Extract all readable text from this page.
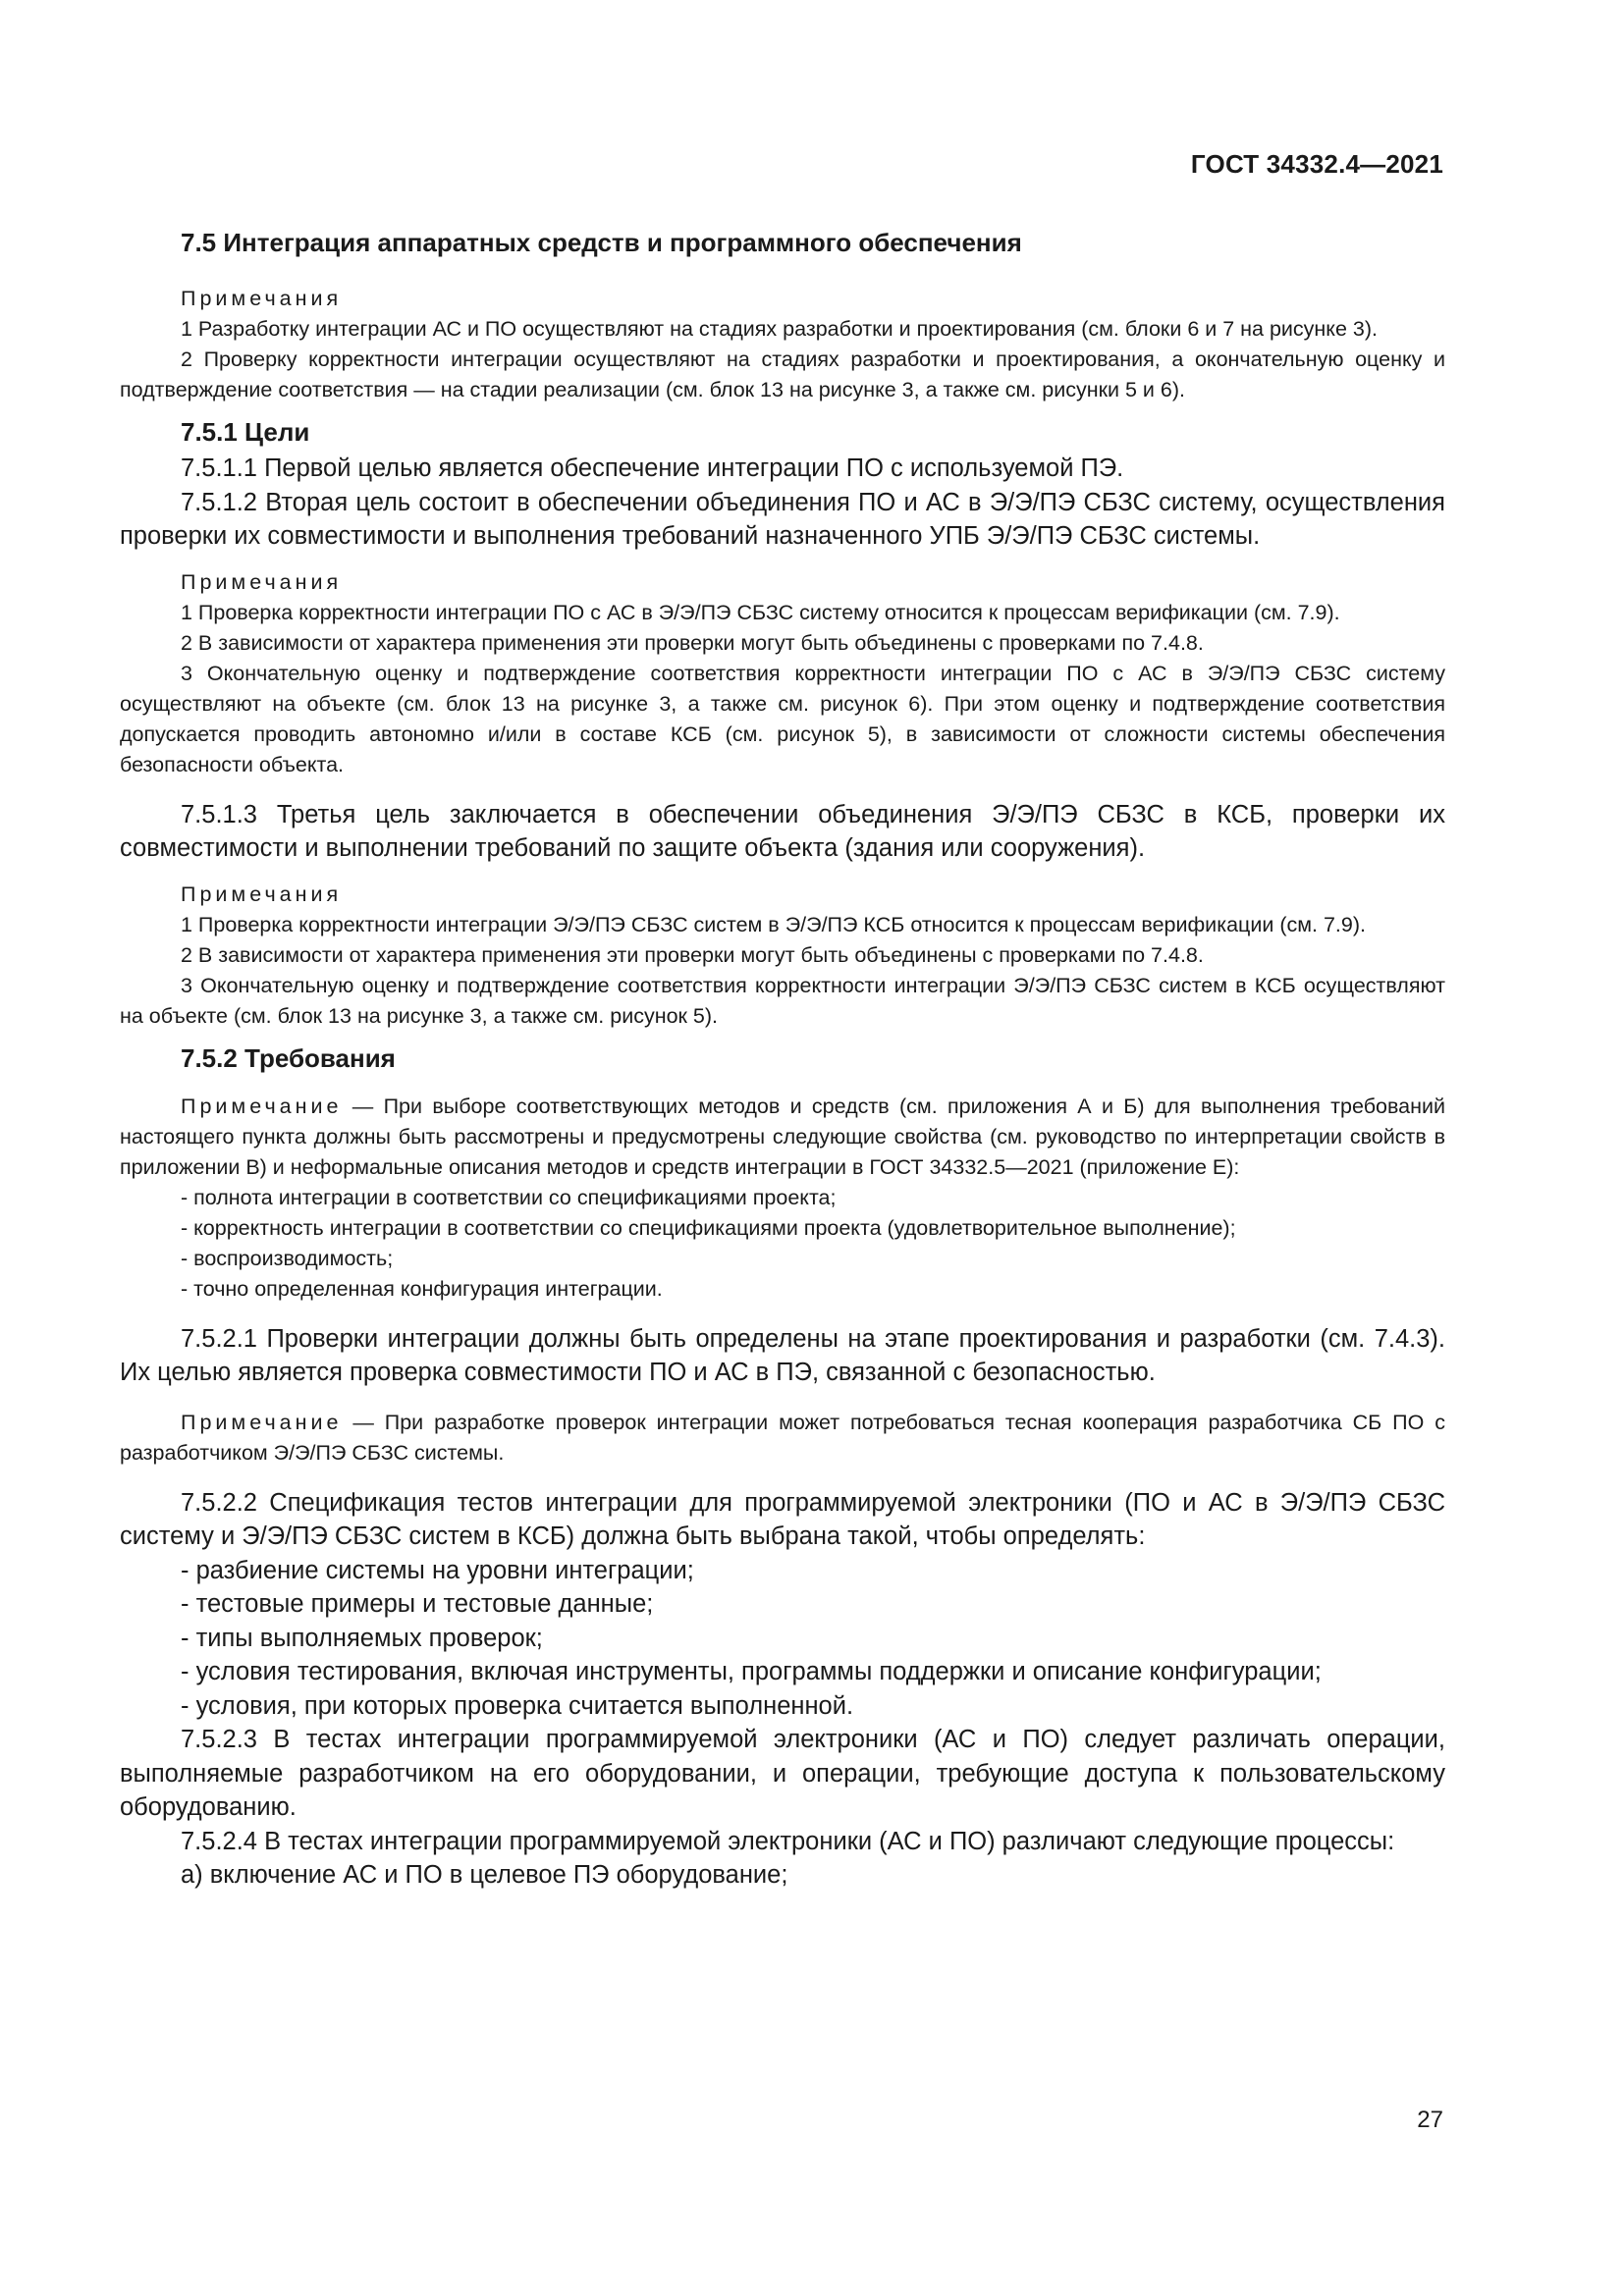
ГОСТ 34332.4—2021
7.5 Интеграция аппаратных средств и программного обеспечения
Примечания

1 Разработку интеграции АС и ПО осуществляют на стадиях разработки и проектирования (см. блоки 6 и 7 на рисунке 3).

2 Проверку корректности интеграции осуществляют на стадиях разработки и проектирования, а окончательную оценку и подтверждение соответствия — на стадии реализации (см. блок 13 на рисунке 3, а также см. рисунки 5 и 6).

7.5.1 Цели

7.5.1.1 Первой целью является обеспечение интеграции ПО с используемой ПЭ.

7.5.1.2 Вторая цель состоит в обеспечении объединения ПО и АС в Э/Э/ПЭ СБЗС систему, осуществления проверки их совместимости и выполнения требований назначенного УПБ Э/Э/ПЭ СБЗС системы.

Примечания

1 Проверка корректности интеграции ПО с АС в Э/Э/ПЭ СБЗС систему относится к процессам верификации (см. 7.9).

2 В зависимости от характера применения эти проверки могут быть объединены с проверками по 7.4.8.

3 Окончательную оценку и подтверждение соответствия корректности интеграции ПО с АС в Э/Э/ПЭ СБЗС систему осуществляют на объекте (см. блок 13 на рисунке 3, а также см. рисунок 6). При этом оценку и подтверждение соответствия допускается проводить автономно и/или в составе КСБ (см. рисунок 5), в зависимости от сложности системы обеспечения безопасности объекта.

7.5.1.3 Третья цель заключается в обеспечении объединения Э/Э/ПЭ СБЗС в КСБ, проверки их совместимости и выполнении требований по защите объекта (здания или сооружения).

Примечания

1 Проверка корректности интеграции Э/Э/ПЭ СБЗС систем в Э/Э/ПЭ КСБ относится к процессам верификации (см. 7.9).

2 В зависимости от характера применения эти проверки могут быть объединены с проверками по 7.4.8.

3 Окончательную оценку и подтверждение соответствия корректности интеграции Э/Э/ПЭ СБЗС систем в КСБ осуществляют на объекте (см. блок 13 на рисунке 3, а также см. рисунок 5).

7.5.2 Требования

Примечание — При выборе соответствующих методов и средств (см. приложения А и Б) для выполнения требований настоящего пункта должны быть рассмотрены и предусмотрены следующие свойства (см. руководство по интерпретации свойств в приложении В) и неформальные описания методов и средств интеграции в ГОСТ 34332.5—2021 (приложение Е):

- полнота интеграции в соответствии со спецификациями проекта;

- корректность интеграции в соответствии со спецификациями проекта (удовлетворительное выполнение);

- воспроизводимость;

- точно определенная конфигурация интеграции.

7.5.2.1 Проверки интеграции должны быть определены на этапе проектирования и разработки (см. 7.4.3). Их целью является проверка совместимости ПО и АС в ПЭ, связанной с безопасностью.

Примечание — При разработке проверок интеграции может потребоваться тесная кооперация разработчика СБ ПО с разработчиком Э/Э/ПЭ СБЗС системы.

7.5.2.2 Спецификация тестов интеграции для программируемой электроники (ПО и АС в Э/Э/ПЭ СБЗС систему и Э/Э/ПЭ СБЗС систем в КСБ) должна быть выбрана такой, чтобы определять:

- разбиение системы на уровни интеграции;

- тестовые примеры и тестовые данные;

- типы выполняемых проверок;

- условия тестирования, включая инструменты, программы поддержки и описание конфигурации;

- условия, при которых проверка считается выполненной.

7.5.2.3 В тестах интеграции программируемой электроники (АС и ПО) следует различать операции, выполняемые разработчиком на его оборудовании, и операции, требующие доступа к пользовательскому оборудованию.

7.5.2.4 В тестах интеграции программируемой электроники (АС и ПО) различают следующие процессы:

а) включение АС и ПО в целевое ПЭ оборудование;

27
